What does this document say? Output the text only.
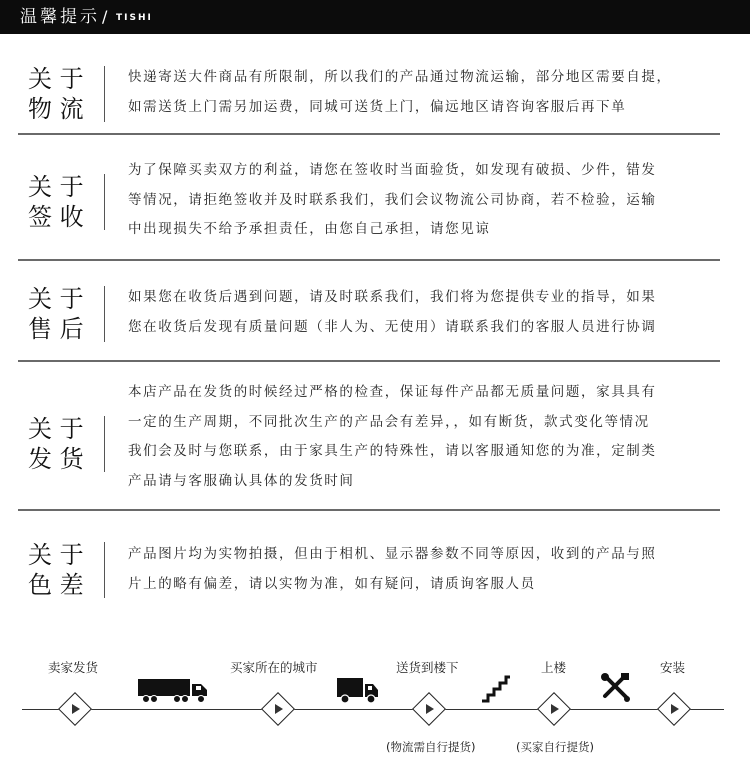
温馨提示 / TISHI
关 于
物 流
快递寄送大件商品有所限制，所以我们的产品通过物流运输，部分地区需要自提，
如需送货上门需另加运费，同城可送货上门，偏远地区请咨询客服后再下单
关 于
签 收
为了保障买卖双方的利益，请您在签收时当面验货，如发现有破损、少件，错发
等情况，请拒绝签收并及时联系我们，我们会议物流公司协商，若不检验，运输
中出现损失不给予承担责任，由您自己承担，请您见谅
关 于
售 后
如果您在收货后遇到问题，请及时联系我们，我们将为您提供专业的指导，如果
您在收货后发现有质量问题（非人为、无使用）请联系我们的客服人员进行协调
关 于
发 货
本店产品在发货的时候经过严格的检查，保证每件产品都无质量问题，家具具有
一定的生产周期，不同批次生产的产品会有差异，，如有断货，款式变化等情况
我们会及时与您联系，由于家具生产的特殊性，请以客服通知您的为准，定制类
产品请与客服确认具体的发货时间
关 于
色 差
产品图片均为实物拍摄，但由于相机、显示器参数不同等原因，收到的产品与照
片上的略有偏差，请以实物为准，如有疑问，请质询客服人员
卖家发货	买家所在的城市	送货到楼下	上楼	安装
(物流需自行提货)	(买家自行提货)
